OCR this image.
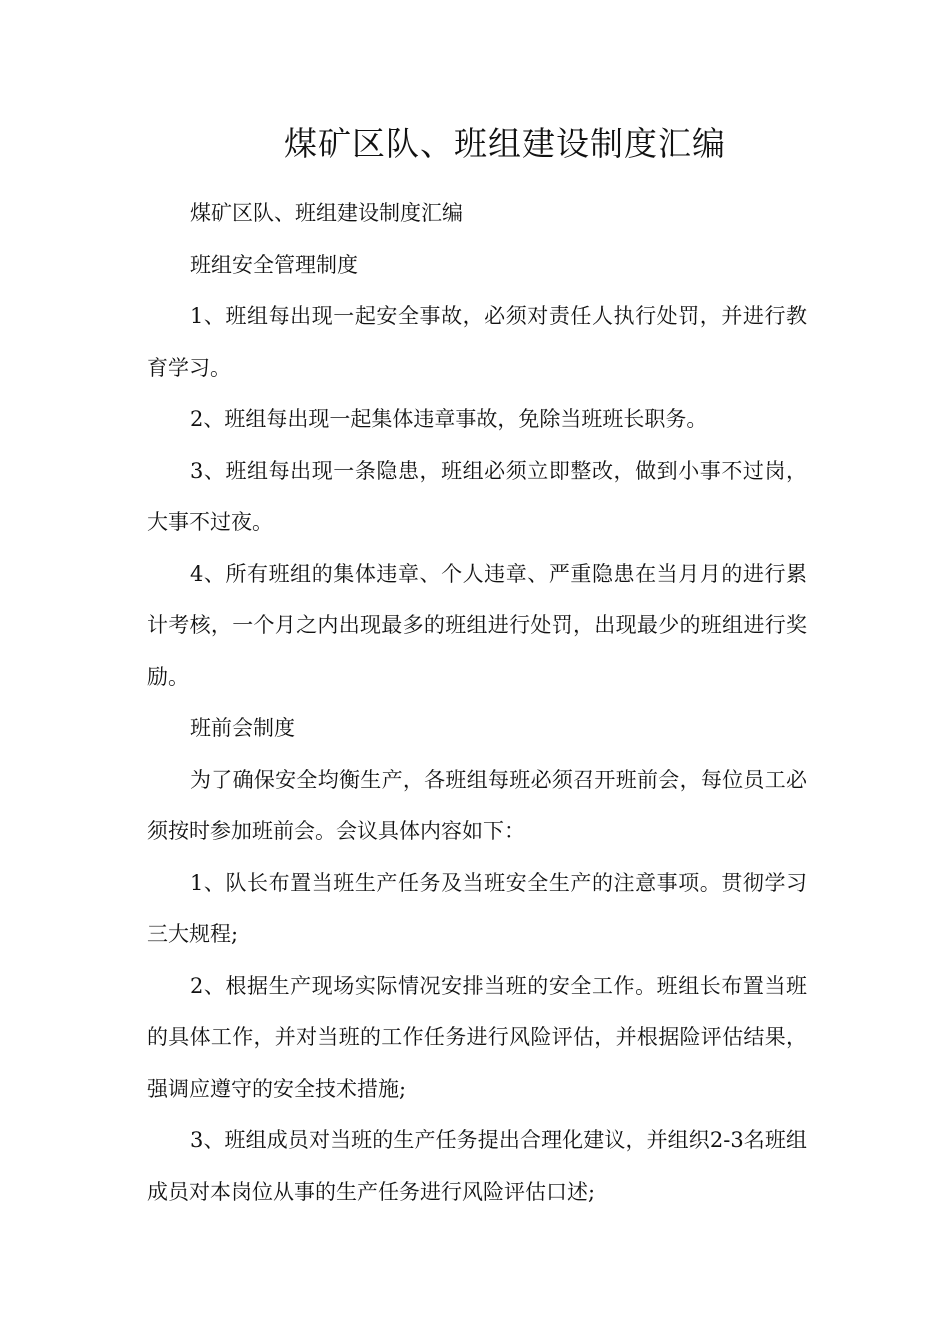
煤矿区队、班组建设制度汇编

煤矿区队、班组建设制度汇编

班组安全管理制度

1、班组每出现一起安全事故，必须对责任人执行处罚，并进行教育学习。

2、班组每出现一起集体违章事故，免除当班班长职务。

3、班组每出现一条隐患，班组必须立即整改，做到小事不过岗，大事不过夜。

4、所有班组的集体违章、个人违章、严重隐患在当月月的进行累计考核，一个月之内出现最多的班组进行处罚，出现最少的班组进行奖励。

班前会制度

为了确保安全均衡生产，各班组每班必须召开班前会，每位员工必须按时参加班前会。会议具体内容如下：

1、队长布置当班生产任务及当班安全生产的注意事项。贯彻学习三大规程;

2、根据生产现场实际情况安排当班的安全工作。班组长布置当班的具体工作，并对当班的工作任务进行风险评估，并根据险评估结果，强调应遵守的安全技术措施;

3、班组成员对当班的生产任务提出合理化建议，并组织2-3名班组成员对本岗位从事的生产任务进行风险评估口述;
